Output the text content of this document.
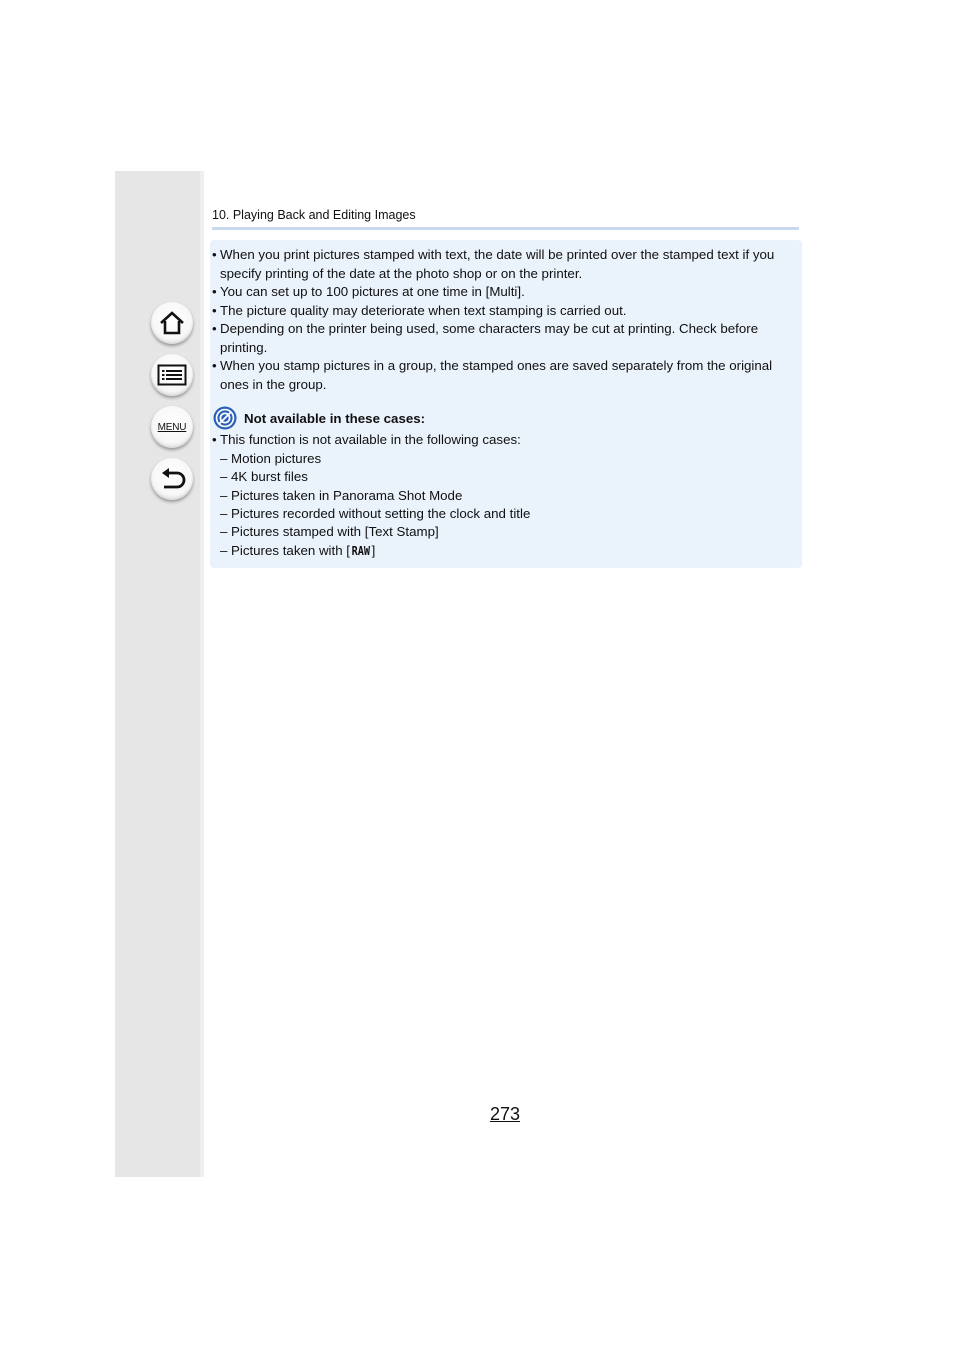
MENU
10. Playing Back and Editing Images
• When you print pictures stamped with text, the date will be printed over the stamped text if you
specify printing of the date at the photo shop or on the printer.
• You can set up to 100 pictures at one time in [Multi].
• The picture quality may deteriorate when text stamping is carried out.
• Depending on the printer being used, some characters may be cut at printing. Check before
printing.
• When you stamp pictures in a group, the stamped ones are saved separately from the original
ones in the group.
Not available in these cases:
• This function is not available in the following cases:
– Motion pictures
– 4K burst files
– Pictures taken in Panorama Shot Mode
– Pictures recorded without setting the clock and title
– Pictures stamped with [Text Stamp]
– Pictures taken with [ RAW ]
273
